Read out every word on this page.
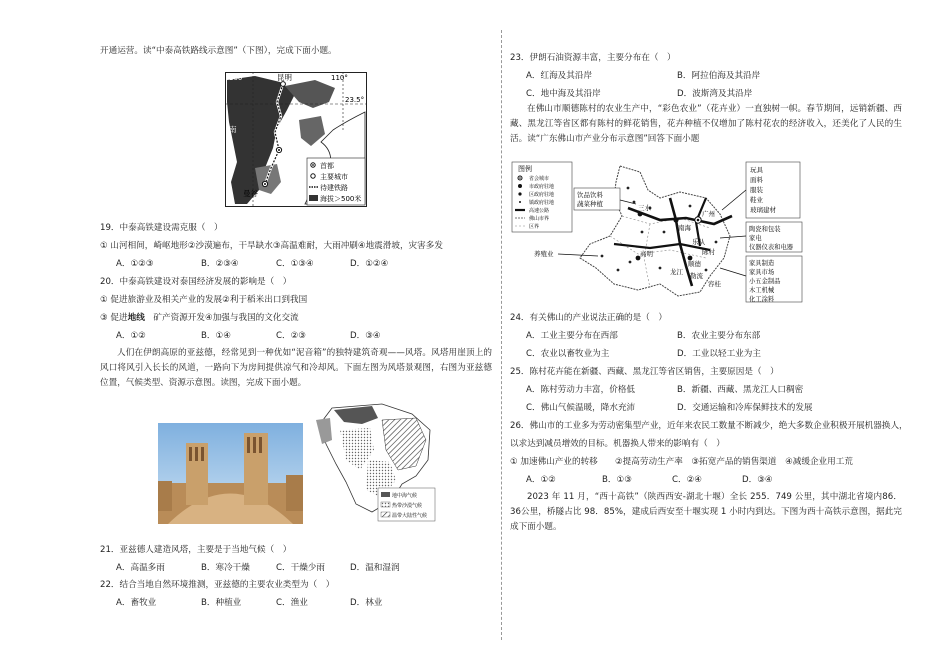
开通运营。读“中泰高铁路线示意图”（下图），完成下面小题。
昆明
100°	110°
23.5°
万象
南
曼谷
首都
主要城市
待建铁路
海拔＞500米
19．中泰高铁建设需克服（　）
① 山河相间，崎岖地形②沙漠遍布，干旱缺水③高温难耐，大雨冲刷④地震滑坡，灾害多发
A．①②③	B．②③④	C．①③④	D．①②④
20．中泰高铁建设对泰国经济发展的影响是（　）
① 促进旅游业及相关产业的发展②利于稻米出口到我国
③ 促进地线　矿产资源开发④加强与我国的文化交流
A．①②	B．①④	C．②③	D．③④
人们在伊朗高原的亚兹德，经常见到一种优如“泥音箱”的独特建筑奇观——风塔。风塔用崖顶上的风口将风引入长长的风道，一路向下为房间提供凉气和冷却风。下面左图为风塔景观图，右图为亚兹德位置，气候类型、资源示意图。读图，完成下面小题。
地中海气候
热带沙漠气候
温带大陆性气候
21．亚兹德人建造风塔，主要是于当地气候（　）
A．高温多雨	B．寒冷干燥	C．干燥少雨	D．温和湿润
22．结合当地自然环境推测，亚兹德的主要农业类型为（　）
A．畜牧业	B．种植业	C．渔业	D．林业
23．伊朗石油资源丰富，主要分布在（　）
A．红海及其沿岸	B．阿拉伯海及其沿岸
C．地中海及其沿岸	D．波斯湾及其沿岸
在佛山市顺德陈村的农业生产中，“彩色农业”（花卉业）一直独树一帜。春节期间，远销新疆、西藏、黑龙江等省区都有陈村的鲜花销售，花卉种植不仅增加了陈村花农的经济收入，还美化了人民的生活。读“广东佛山市产业分布示意图”回答下面小题
广州
南海
三水
高明
顺德
陈村
容桂
龙江 勒流
乐从
图例
省会城市
市政府驻地
区政府驻地
镇政府驻地
高速公路
佛山市界
区界
饮品饮料
蔬菜种植
养殖业
玩具
面料
服装
鞋业
玻璃建材
陶瓷和包装
家电
仪器仪表和电器
家具制造
家具市场
小五金制品
木工机械
化工涂料
24．有关佛山的产业说法正确的是（　）
A．工业主要分布在西部	B．农业主要分布东部
C．农业以畜牧业为主	D．工业以轻工业为主
25．陈村花卉能在新疆、西藏、黑龙江等省区销售，主要原因是（　）
A．陈村劳动力丰富，价格低	B．新疆、西藏、黑龙江人口稠密
C．佛山气候温暖，降水充沛	D．交通运输和冷库保鲜技术的发展
26．佛山市的工业多为劳动密集型产业，近年来农民工数量不断减少，绝大多数企业积极开展机器换人，
以求达到减员增效的目标。机器换人带来的影响有（　）
① 加速佛山产业的转移　　②提高劳动生产率　③拓宽产品的销售渠道　④减缓企业用工荒
A．①②	B．①③	C．②④	D．③④
2023 年 11 月，“西十高铁”（陕西西安-湖北十堰）全长 255．749 公里，其中湖北省境内86．36公里，桥隧占比 98．85%，建成后西安至十堰实现 1 小时内到达。下图为西十高铁示意图，据此完成下面小题。
